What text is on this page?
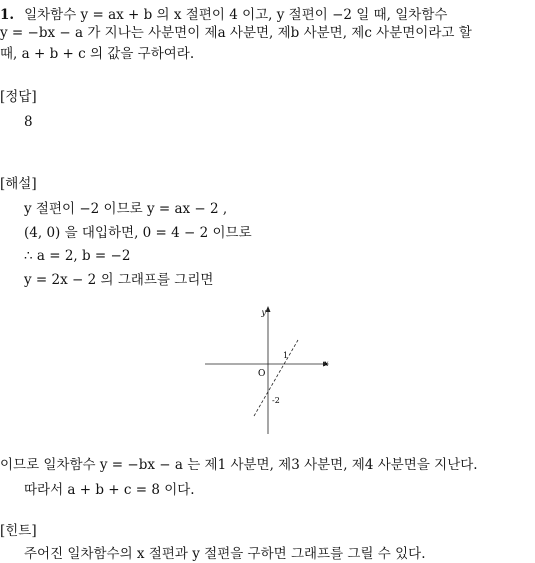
1. 일차함수 y = ax + b 의 x 절편이 4 이고, y 절편이 −2 일 때, 일차함수
y = −bx − a 가 지나는 사분면이 제a 사분면, 제b 사분면, 제c 사분면이라고 할
때, a + b + c 의 값을 구하여라.
[정답]
8
[해설]
y 절편이 −2 이므로 y = ax − 2 ,
(4, 0) 을 대입하면, 0 = 4 − 2 이므로
∴ a = 2, b = −2
y = 2x − 2 의 그래프를 그리면
y
x
O
1
-2
이므로 일차함수 y = −bx − a 는 제1 사분면, 제3 사분면, 제4 사분면을 지난다.
따라서 a + b + c = 8 이다.
[힌트]
주어진 일차함수의 x 절편과 y 절편을 구하면 그래프를 그릴 수 있다.
